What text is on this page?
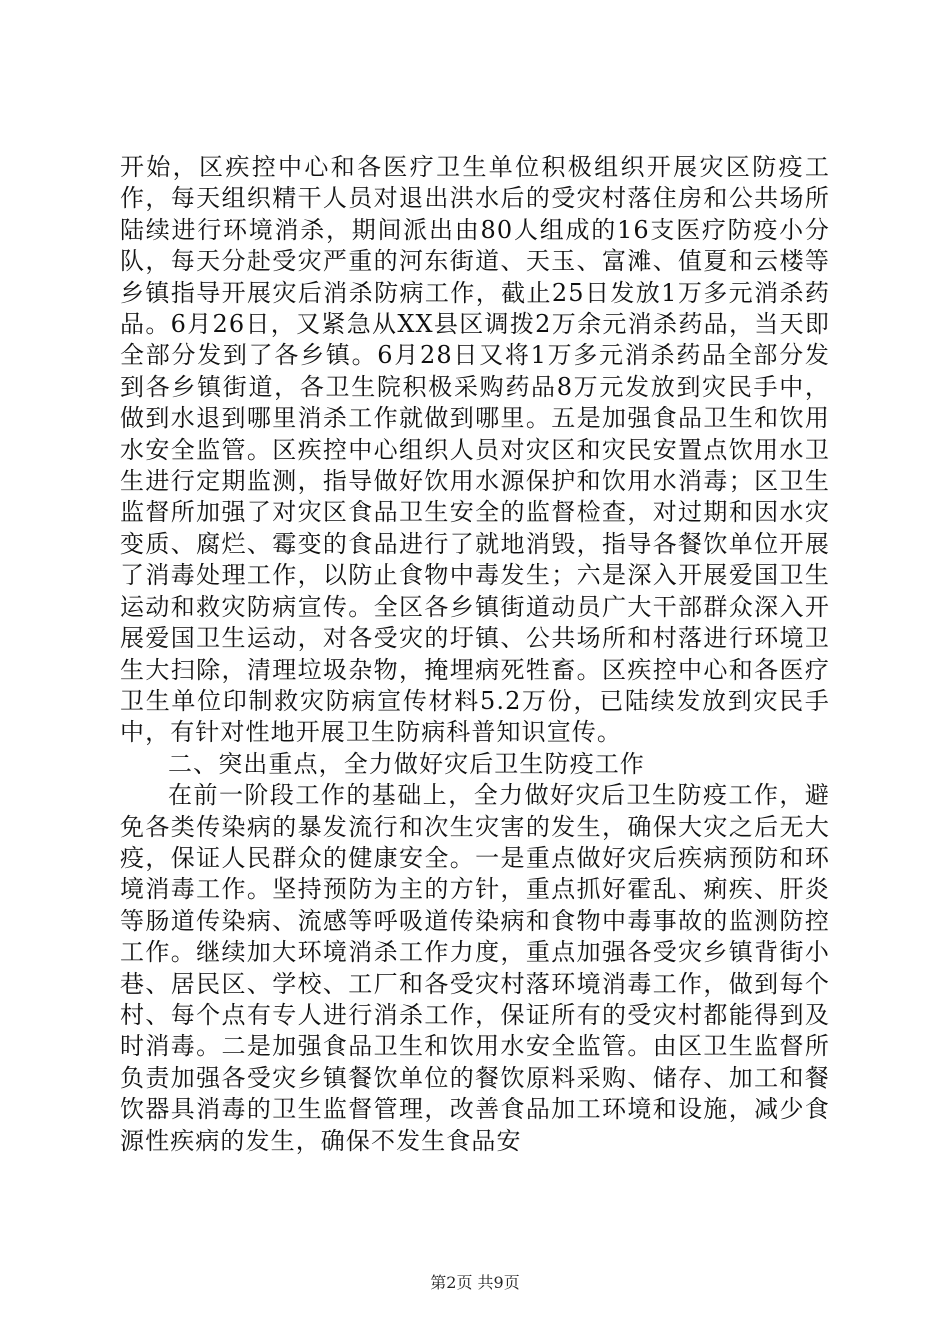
开始，区疾控中心和各医疗卫生单位积极组织开展灾区防疫工作，每天组织精干人员对退出洪水后的受灾村落住房和公共场所陆续进行环境消杀，期间派出由80人组成的16支医疗防疫小分队，每天分赴受灾严重的河东街道、天玉、富滩、值夏和云楼等乡镇指导开展灾后消杀防病工作，截止25日发放1万多元消杀药品。6月26日，又紧急从XX县区调拨2万余元消杀药品，当天即全部分发到了各乡镇。6月28日又将1万多元消杀药品全部分发到各乡镇街道，各卫生院积极采购药品8万元发放到灾民手中，做到水退到哪里消杀工作就做到哪里。五是加强食品卫生和饮用水安全监管。区疾控中心组织人员对灾区和灾民安置点饮用水卫生进行定期监测，指导做好饮用水源保护和饮用水消毒；区卫生监督所加强了对灾区食品卫生安全的监督检查，对过期和因水灾变质、腐烂、霉变的食品进行了就地消毁，指导各餐饮单位开展了消毒处理工作，以防止食物中毒发生；六是深入开展爱国卫生运动和救灾防病宣传。全区各乡镇街道动员广大干部群众深入开展爱国卫生运动，对各受灾的圩镇、公共场所和村落进行环境卫生大扫除，清理垃圾杂物，掩埋病死牲畜。区疾控中心和各医疗卫生单位印制救灾防病宣传材料5.2万份，已陆续发放到灾民手中，有针对性地开展卫生防病科普知识宣传。

二、突出重点，全力做好灾后卫生防疫工作

在前一阶段工作的基础上，全力做好灾后卫生防疫工作，避免各类传染病的暴发流行和次生灾害的发生，确保大灾之后无大疫，保证人民群众的健康安全。一是重点做好灾后疾病预防和环境消毒工作。坚持预防为主的方针，重点抓好霍乱、痢疾、肝炎等肠道传染病、流感等呼吸道传染病和食物中毒事故的监测防控工作。继续加大环境消杀工作力度，重点加强各受灾乡镇背街小巷、居民区、学校、工厂和各受灾村落环境消毒工作，做到每个村、每个点有专人进行消杀工作，保证所有的受灾村都能得到及时消毒。二是加强食品卫生和饮用水安全监管。由区卫生监督所负责加强各受灾乡镇餐饮单位的餐饮原料采购、储存、加工和餐饮器具消毒的卫生监督管理，改善食品加工环境和设施，减少食源性疾病的发生，确保不发生食品安

第2页 共9页
